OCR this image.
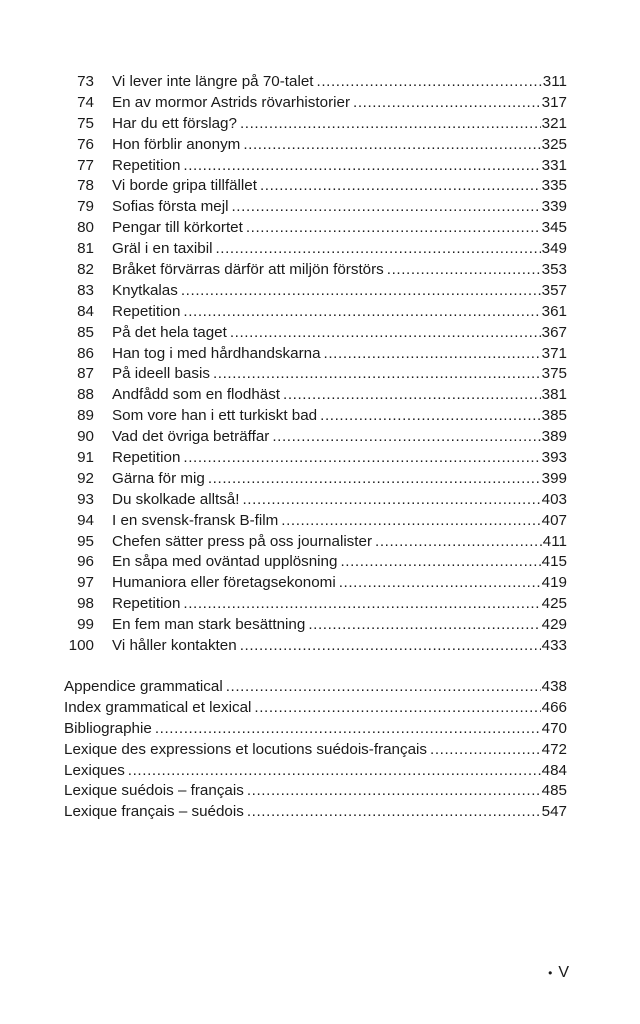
73 Vi lever inte längre på 70-talet .....	311
74 En av mormor Astrids rövarhistorier .....	317
75 Har du ett förslag? .....	321
76 Hon förblir anonym .....	325
77 Repetition .....	331
78 Vi borde gripa tillfället .....	335
79 Sofias första mejl .....	339
80 Pengar till körkortet .....	345
81 Gräl i en taxibil .....	349
82 Bråket förvärras därför att miljön förstörs .....	353
83 Knytkalas .....	357
84 Repetition .....	361
85 På det hela taget .....	367
86 Han tog i med hårdhandskarna .....	371
87 På ideell basis .....	375
88 Andfådd som en flodhäst .....	381
89 Som vore han i ett turkiskt bad .....	385
90 Vad det övriga beträffar .....	389
91 Repetition .....	393
92 Gärna för mig .....	399
93 Du skolkade alltså! .....	403
94 I en svensk-fransk B-film .....	407
95 Chefen sätter press på oss journalister .....	411
96 En såpa med oväntad upplösning .....	415
97 Humaniora eller företagsekonomi .....	419
98 Repetition .....	425
99 En fem man stark besättning .....	429
100 Vi håller kontakten .....	433
Appendice grammatical .....	438
Index grammatical et lexical .....	466
Bibliographie .....	470
Lexique des expressions et locutions suédois-français .....	472
Lexiques .....	484
Lexique suédois – français .....	485
Lexique français – suédois .....	547
• V
